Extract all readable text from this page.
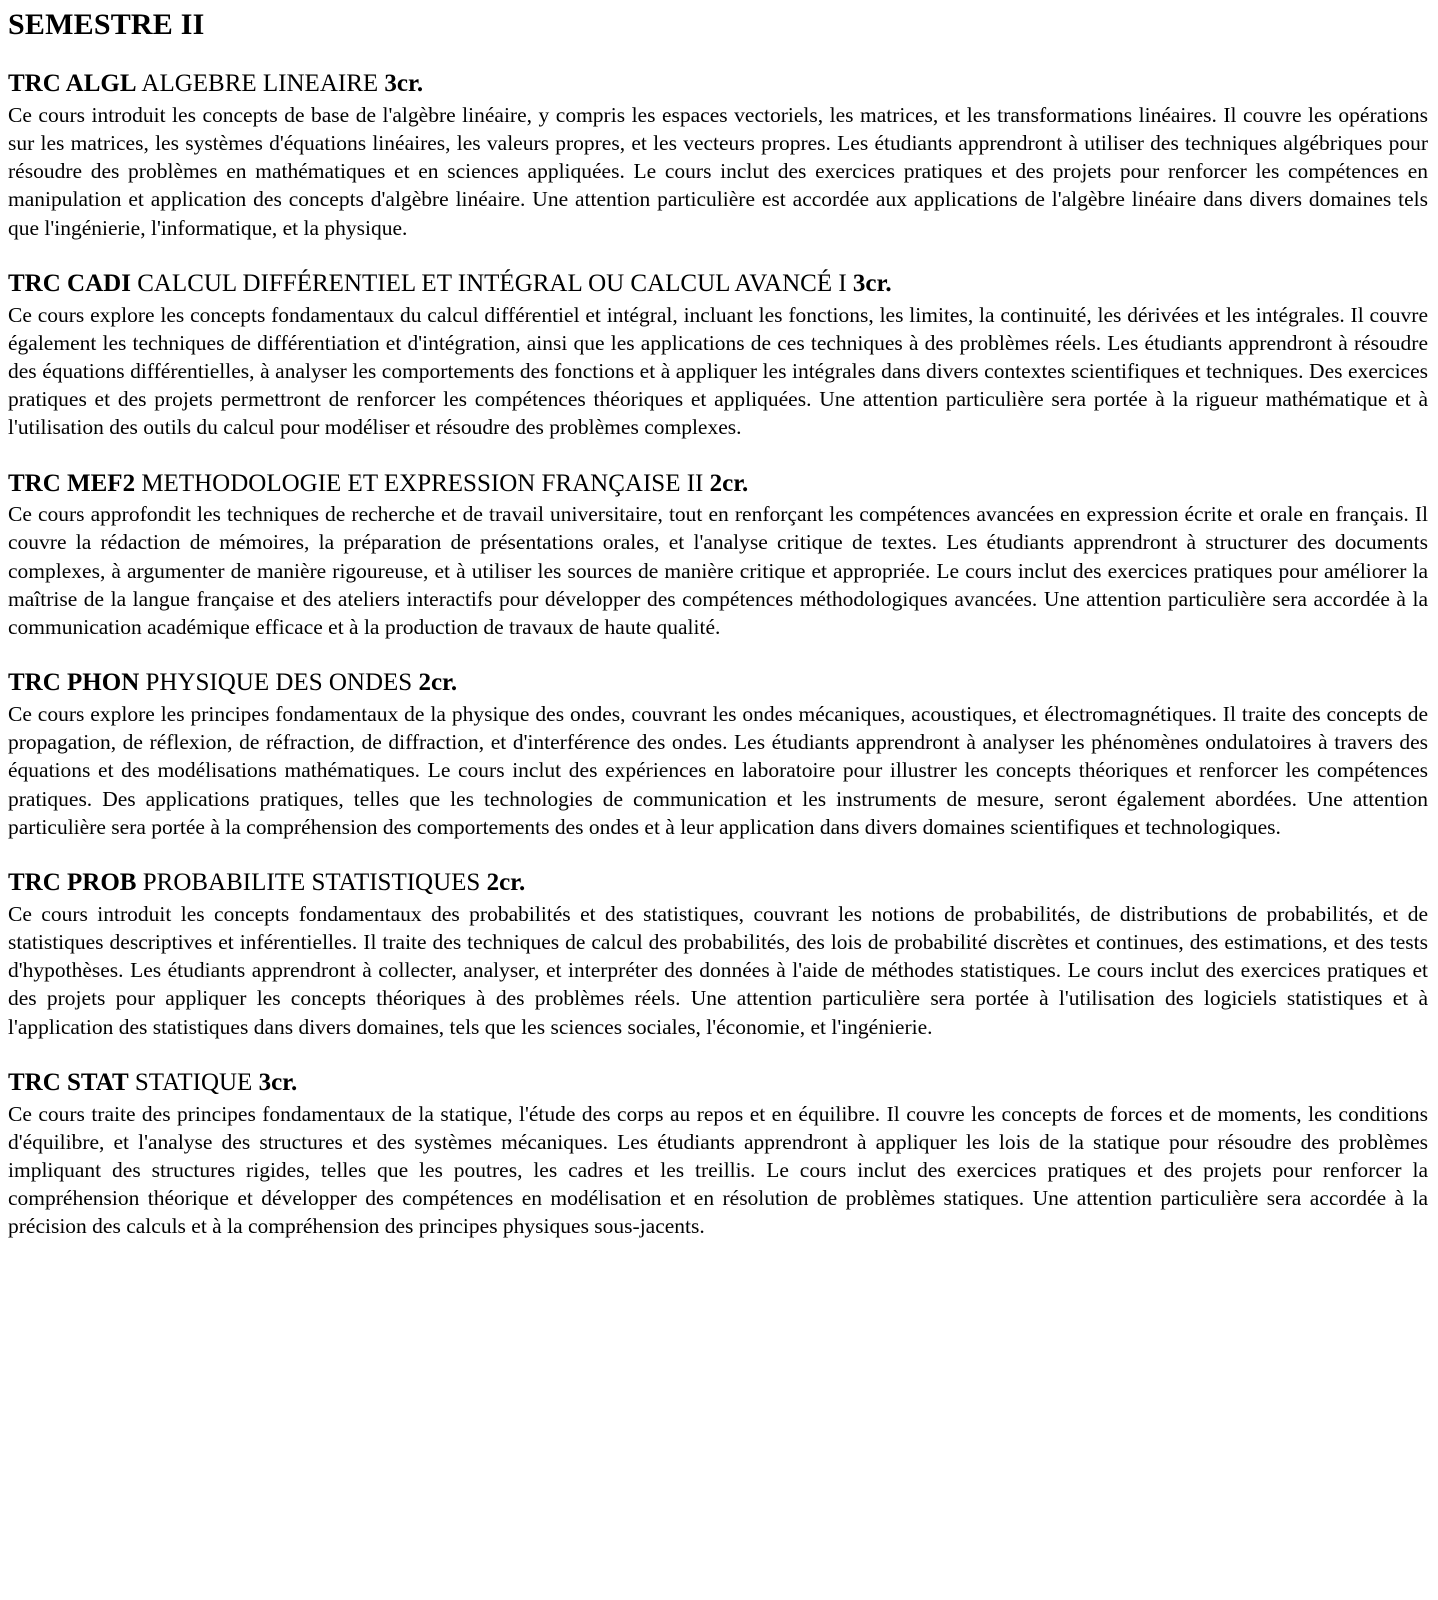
SEMESTRE II
TRC ALGL ALGEBRE LINEAIRE 3cr.

Ce cours introduit les concepts de base de l'algèbre linéaire, y compris les espaces vectoriels, les matrices, et les transformations linéaires. Il couvre les opérations sur les matrices, les systèmes d'équations linéaires, les valeurs propres, et les vecteurs propres. Les étudiants apprendront à utiliser des techniques algébriques pour résoudre des problèmes en mathématiques et en sciences appliquées. Le cours inclut des exercices pratiques et des projets pour renforcer les compétences en manipulation et application des concepts d'algèbre linéaire. Une attention particulière est accordée aux applications de l'algèbre linéaire dans divers domaines tels que l'ingénierie, l'informatique, et la physique.

TRC CADI CALCUL DIFFÉRENTIEL ET INTÉGRAL OU CALCUL AVANCÉ I 3cr.

Ce cours explore les concepts fondamentaux du calcul différentiel et intégral, incluant les fonctions, les limites, la continuité, les dérivées et les intégrales. Il couvre également les techniques de différentiation et d'intégration, ainsi que les applications de ces techniques à des problèmes réels. Les étudiants apprendront à résoudre des équations différentielles, à analyser les comportements des fonctions et à appliquer les intégrales dans divers contextes scientifiques et techniques. Des exercices pratiques et des projets permettront de renforcer les compétences théoriques et appliquées. Une attention particulière sera portée à la rigueur mathématique et à l'utilisation des outils du calcul pour modéliser et résoudre des problèmes complexes.

TRC MEF2 METHODOLOGIE ET EXPRESSION FRANÇAISE II 2cr.

Ce cours approfondit les techniques de recherche et de travail universitaire, tout en renforçant les compétences avancées en expression écrite et orale en français. Il couvre la rédaction de mémoires, la préparation de présentations orales, et l'analyse critique de textes. Les étudiants apprendront à structurer des documents complexes, à argumenter de manière rigoureuse, et à utiliser les sources de manière critique et appropriée. Le cours inclut des exercices pratiques pour améliorer la maîtrise de la langue française et des ateliers interactifs pour développer des compétences méthodologiques avancées. Une attention particulière sera accordée à la communication académique efficace et à la production de travaux de haute qualité.

TRC PHON PHYSIQUE DES ONDES 2cr.

Ce cours explore les principes fondamentaux de la physique des ondes, couvrant les ondes mécaniques, acoustiques, et électromagnétiques. Il traite des concepts de propagation, de réflexion, de réfraction, de diffraction, et d'interférence des ondes. Les étudiants apprendront à analyser les phénomènes ondulatoires à travers des équations et des modélisations mathématiques. Le cours inclut des expériences en laboratoire pour illustrer les concepts théoriques et renforcer les compétences pratiques. Des applications pratiques, telles que les technologies de communication et les instruments de mesure, seront également abordées. Une attention particulière sera portée à la compréhension des comportements des ondes et à leur application dans divers domaines scientifiques et technologiques.

TRC PROB PROBABILITE STATISTIQUES 2cr.

Ce cours introduit les concepts fondamentaux des probabilités et des statistiques, couvrant les notions de probabilités, de distributions de probabilités, et de statistiques descriptives et inférentielles. Il traite des techniques de calcul des probabilités, des lois de probabilité discrètes et continues, des estimations, et des tests d'hypothèses. Les étudiants apprendront à collecter, analyser, et interpréter des données à l'aide de méthodes statistiques. Le cours inclut des exercices pratiques et des projets pour appliquer les concepts théoriques à des problèmes réels. Une attention particulière sera portée à l'utilisation des logiciels statistiques et à l'application des statistiques dans divers domaines, tels que les sciences sociales, l'économie, et l'ingénierie.

TRC STAT STATIQUE 3cr.

Ce cours traite des principes fondamentaux de la statique, l'étude des corps au repos et en équilibre. Il couvre les concepts de forces et de moments, les conditions d'équilibre, et l'analyse des structures et des systèmes mécaniques. Les étudiants apprendront à appliquer les lois de la statique pour résoudre des problèmes impliquant des structures rigides, telles que les poutres, les cadres et les treillis. Le cours inclut des exercices pratiques et des projets pour renforcer la compréhension théorique et développer des compétences en modélisation et en résolution de problèmes statiques. Une attention particulière sera accordée à la précision des calculs et à la compréhension des principes physiques sous-jacents.
